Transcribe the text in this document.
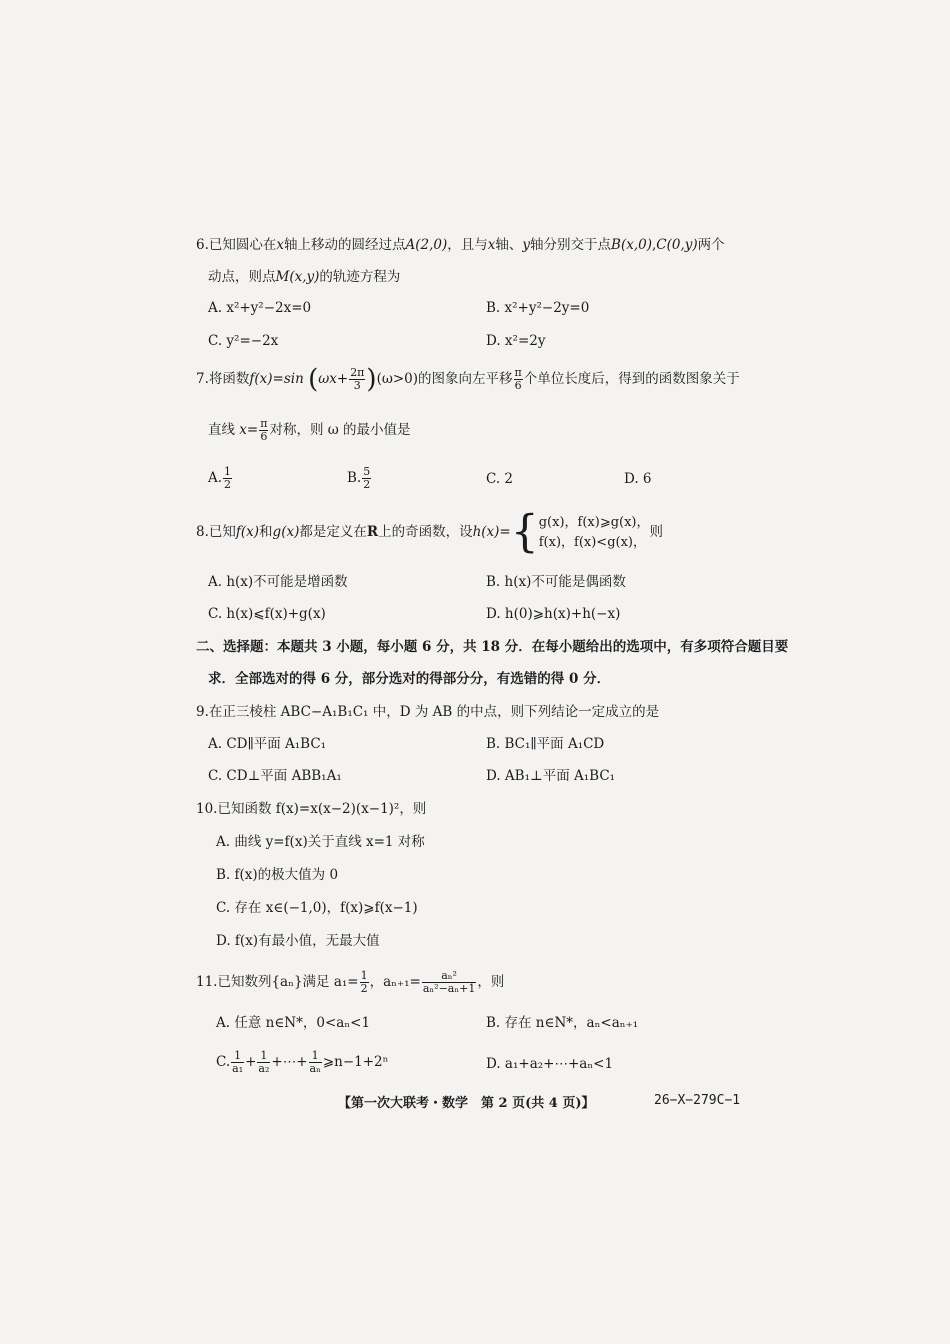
6.已知圆心在x轴上移动的圆经过点A(2,0)，且与x轴、y轴分别交于点B(x,0),C(0,y)两个
动点，则点M(x,y)的轨迹方程为
A. x²+y²−2x=0	B. x²+y²−2y=0
C. y²=−2x	D. x²=2y
7.将函数f(x)=sin $(\omega x+ \frac{2\pi}{3} )(\omega>0)$的图象向左平移 $\frac{\pi}{6}$ 个单位长度后，得到的函数图象关于
直线 $x= \frac{\pi}{6}$ 对称，则 ω 的最小值是
A. $\frac{1}{2}$	B. $\frac{5}{2}$	C. 2	D. 6
8.已知f(x)和g(x)都是定义在R上的奇函数，设h(x)={ g(x)，f(x)⩾g(x)，
f(x)，f(x)<g(x)，
则
A. h(x)不可能是增函数	B. h(x)不可能是偶函数
C. h(x)⩽f(x)+g(x)	D. h(0)⩾h(x)+h(−x)
二、选择题：本题共 3 小题，每小题 6 分，共 18 分．在每小题给出的选项中，有多项符合题目要
求．全部选对的得 6 分，部分选对的得部分分，有选错的得 0 分．
9.在正三棱柱 ABC−A₁B₁C₁ 中，D 为 AB 的中点，则下列结论一定成立的是
A. CD∥平面 A₁BC₁	B. BC₁∥平面 A₁CD
C. CD⊥平面 ABB₁A₁	D. AB₁⊥平面 A₁BC₁
10.已知函数 f(x)=x(x−2)(x−1)²，则
A. 曲线 y=f(x)关于直线 x=1 对称
B. f(x)的极大值为 0
C. 存在 x∈(−1,0)，f(x)⩾f(x−1)
D. f(x)有最小值，无最大值
11.已知数列{aₙ}满足 $a_1= \frac{1}{2}$ ，$a_{n+1}= \frac{\text{aₙ²}}{\text{aₙ²−aₙ+1}}$ ，则
A. 任意 n∈N*，0<aₙ<1	B. 存在 n∈N*，aₙ<aₙ₊₁
C. $\frac{1}{\text{a₁}} + \frac{1}{\text{a₂}}$ +⋯+ $\frac{1}{\text{aₙ}}$ ⩾n−1+2ⁿ	D. a₁+a₂+⋯+aₙ<1
【第一次大联考・数学　第 2 页(共 4 页)】	26−X−279C−1
